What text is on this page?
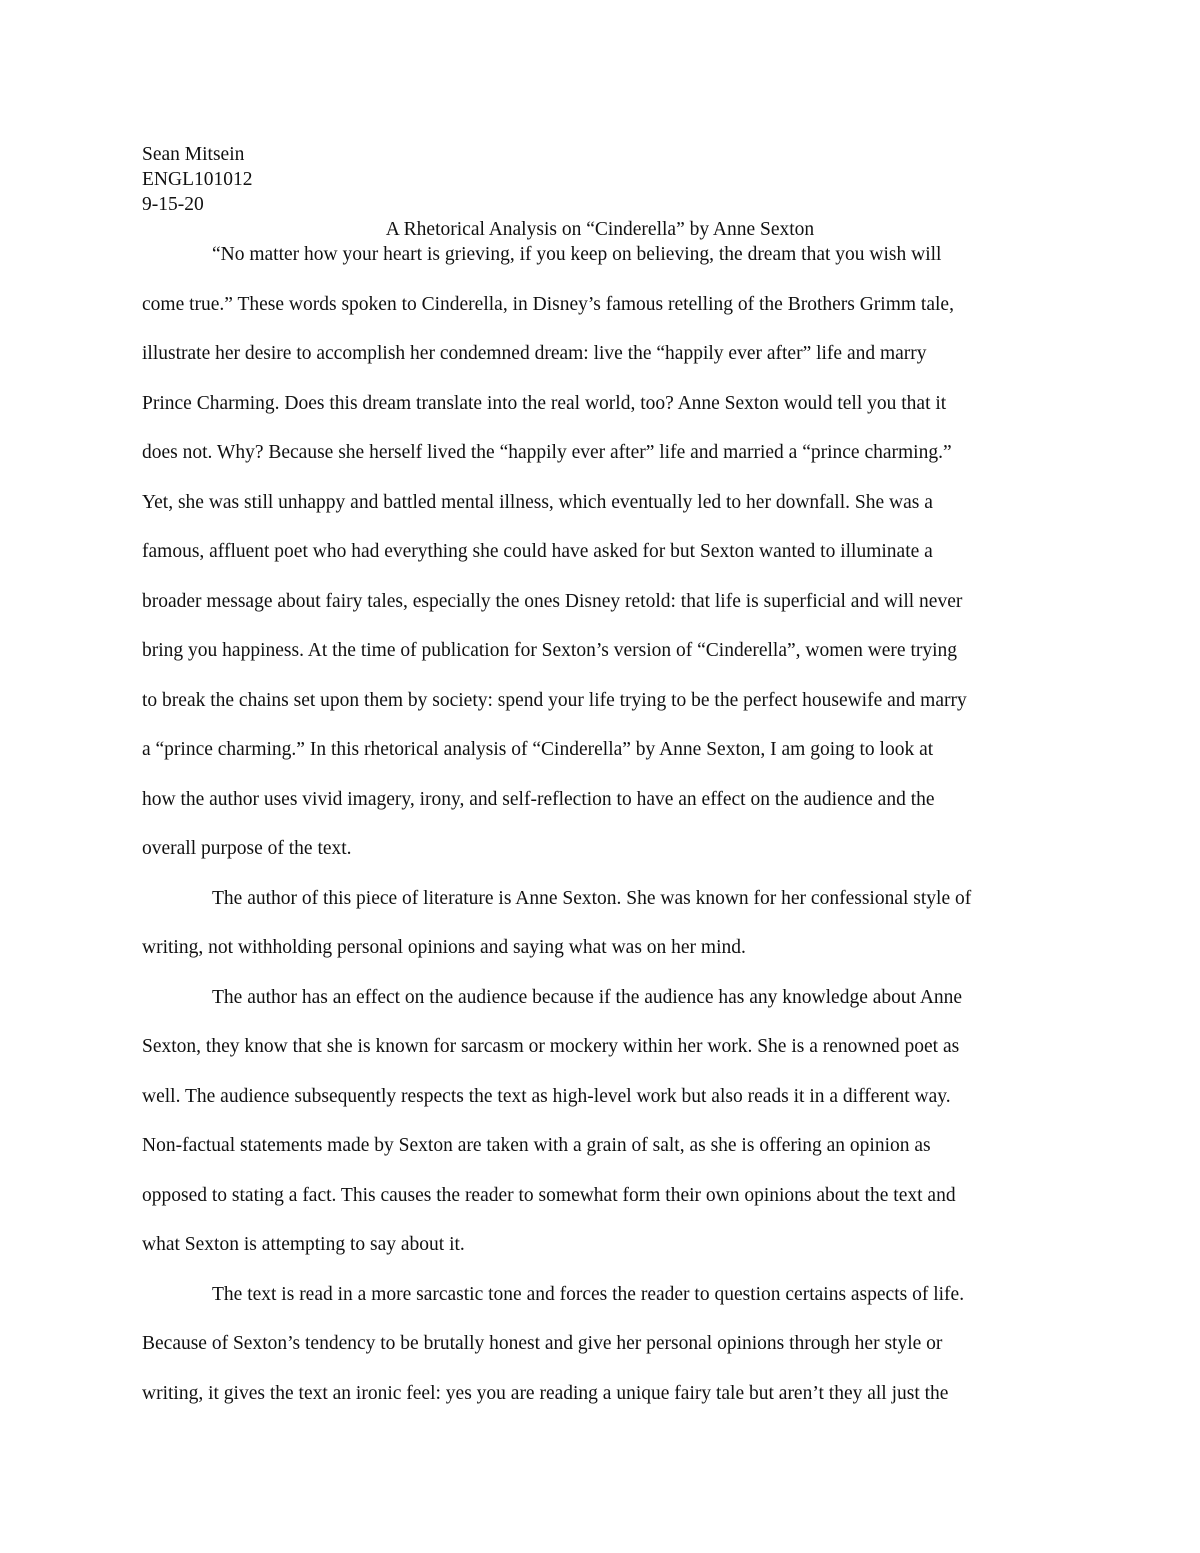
Sean Mitsein
ENGL101012
9-15-20
A Rhetorical Analysis on “Cinderella” by Anne Sexton
“No matter how your heart is grieving, if you keep on believing, the dream that you wish will
come true.” These words spoken to Cinderella, in Disney’s famous retelling of the Brothers Grimm tale,
illustrate her desire to accomplish her condemned dream: live the “happily ever after” life and marry
Prince Charming. Does this dream translate into the real world, too? Anne Sexton would tell you that it
does not. Why? Because she herself lived the “happily ever after” life and married a “prince charming.”
Yet, she was still unhappy and battled mental illness, which eventually led to her downfall. She was a
famous, affluent poet who had everything she could have asked for but Sexton wanted to illuminate a
broader message about fairy tales, especially the ones Disney retold: that life is superficial and will never
bring you happiness. At the time of publication for Sexton’s version of “Cinderella”, women were trying
to break the chains set upon them by society: spend your life trying to be the perfect housewife and marry
a “prince charming.” In this rhetorical analysis of “Cinderella” by Anne Sexton, I am going to look at
how the author uses vivid imagery, irony, and self-reflection to have an effect on the audience and the
overall purpose of the text.
The author of this piece of literature is Anne Sexton. She was known for her confessional style of
writing, not withholding personal opinions and saying what was on her mind.
The author has an effect on the audience because if the audience has any knowledge about Anne
Sexton, they know that she is known for sarcasm or mockery within her work. She is a renowned poet as
well. The audience subsequently respects the text as high-level work but also reads it in a different way.
Non-factual statements made by Sexton are taken with a grain of salt, as she is offering an opinion as
opposed to stating a fact. This causes the reader to somewhat form their own opinions about the text and
what Sexton is attempting to say about it.
The text is read in a more sarcastic tone and forces the reader to question certains aspects of life.
Because of Sexton’s tendency to be brutally honest and give her personal opinions through her style or
writing, it gives the text an ironic feel: yes you are reading a unique fairy tale but aren’t they all just the
